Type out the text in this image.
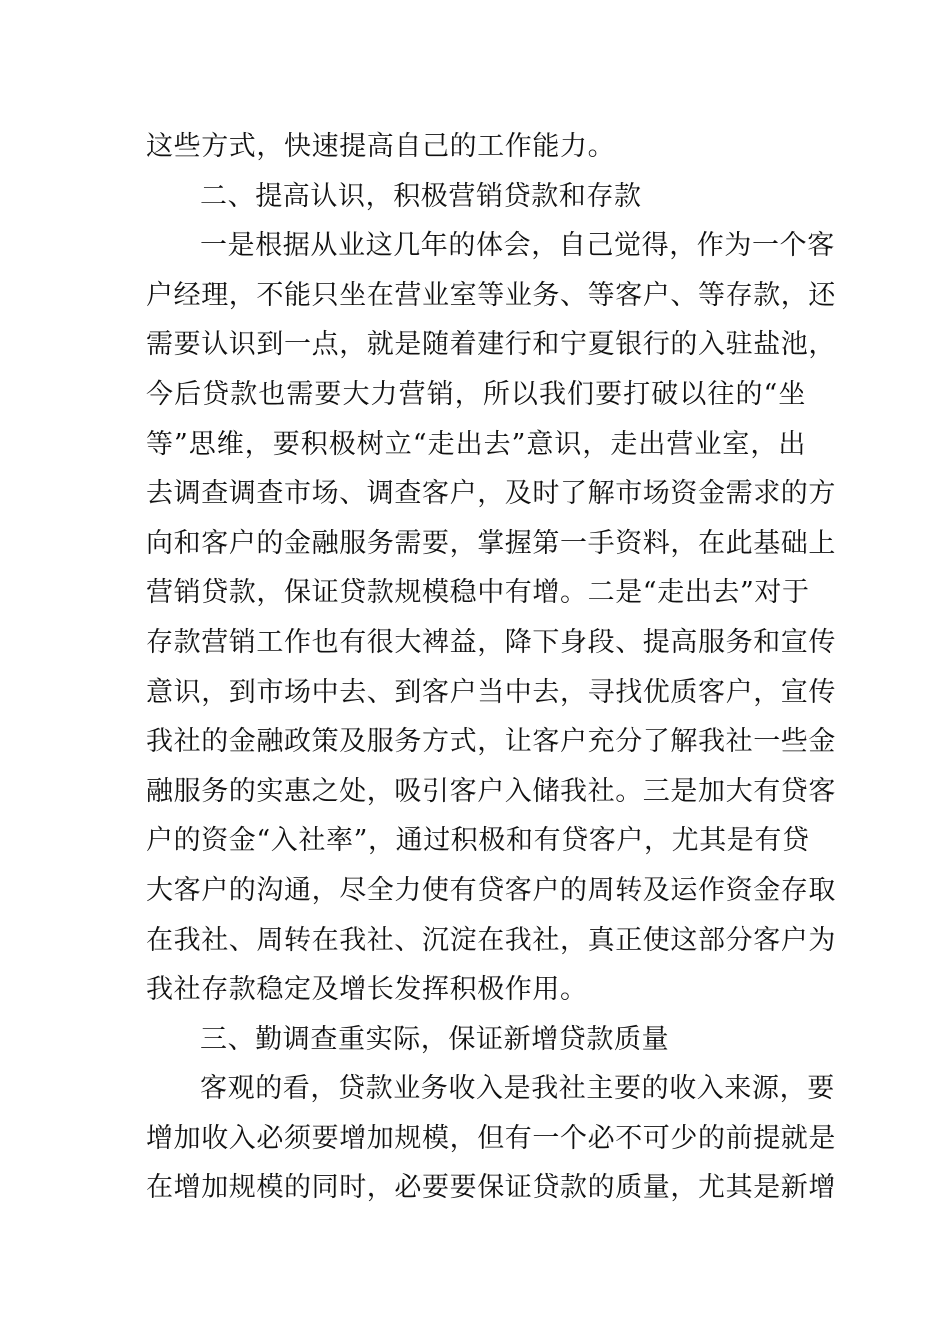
这些方式，快速提高自己的工作能力。
二、提高认识，积极营销贷款和存款
一是根据从业这几年的体会，自己觉得，作为一个客
户经理，不能只坐在营业室等业务、等客户、等存款，还
需要认识到一点，就是随着建行和宁夏银行的入驻盐池，
今后贷款也需要大力营销，所以我们要打破以往的“坐
等”思维，要积极树立“走出去”意识，走出营业室，出
去调查调查市场、调查客户，及时了解市场资金需求的方
向和客户的金融服务需要，掌握第一手资料，在此基础上
营销贷款，保证贷款规模稳中有增。二是“走出去”对于
存款营销工作也有很大裨益，降下身段、提高服务和宣传
意识，到市场中去、到客户当中去，寻找优质客户，宣传
我社的金融政策及服务方式，让客户充分了解我社一些金
融服务的实惠之处，吸引客户入储我社。三是加大有贷客
户的资金“入社率”，通过积极和有贷客户，尤其是有贷
大客户的沟通，尽全力使有贷客户的周转及运作资金存取
在我社、周转在我社、沉淀在我社，真正使这部分客户为
我社存款稳定及增长发挥积极作用。
三、勤调查重实际，保证新增贷款质量
客观的看，贷款业务收入是我社主要的收入来源，要
增加收入必须要增加规模，但有一个必不可少的前提就是
在增加规模的同时，必要要保证贷款的质量，尤其是新增
